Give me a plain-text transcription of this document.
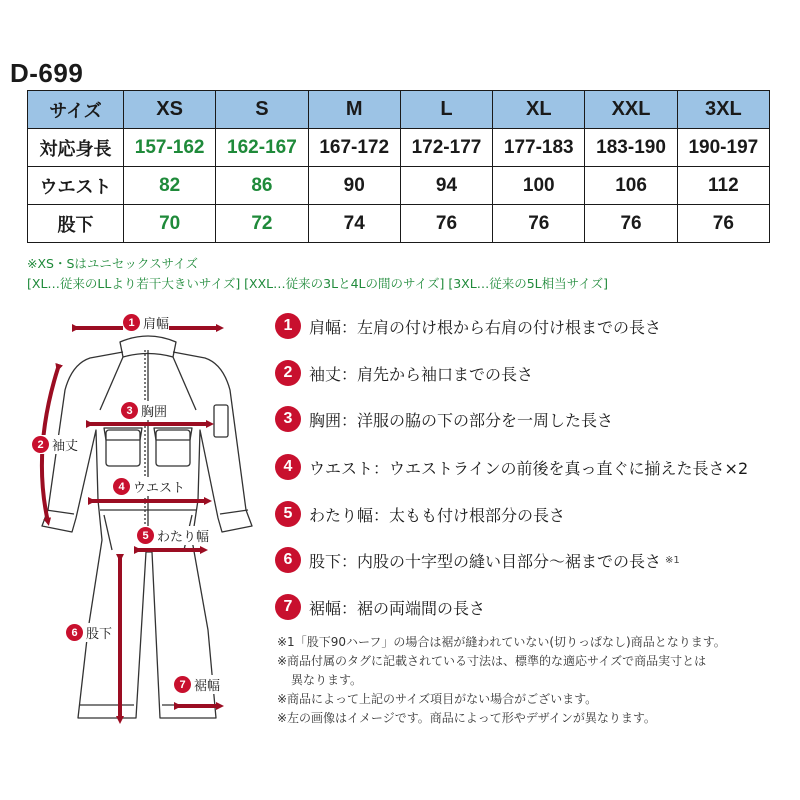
D-699
サイズ	XS	S	M	L	XL	XXL	3XL
対応身長	157-162	162-167	167-172	172-177	177-183	183-190	190-197
ウエスト	82	86	90	94	100	106	112
股下	70	72	74	76	76	76	76
※XS・Sはユニセックスサイズ
[XL…従来のLLより若干大きいサイズ] [XXL…従来の3Lと4Lの間のサイズ] [3XL…従来の5L相当サイズ]
1 肩幅
2 袖丈
3 胸囲
4 ウエスト
5 わたり幅
6 股下
7 裾幅
1	肩幅 ：左肩の付け根から右肩の付け根までの長さ
2	袖丈 ：肩先から袖口までの長さ
3	胸囲 ：洋服の脇の下の部分を一周した長さ
4	ウエスト ：ウエストラインの前後を真っ直ぐに揃えた長さ×2
5	わたり幅 ：太もも付け根部分の長さ
6	股下 ：内股の十字型の縫い目部分〜裾までの長さ ※1
7	裾幅 ：裾の両端間の長さ
※1「股下90ハーフ」の場合は裾が縫われていない(切りっぱなし)商品となります。
※商品付属のタグに記載されている寸法は、標準的な適応サイズで商品実寸とは
異なります。
※商品によって上記のサイズ項目がない場合がございます。
※左の画像はイメージです。商品によって形やデザインが異なります。
